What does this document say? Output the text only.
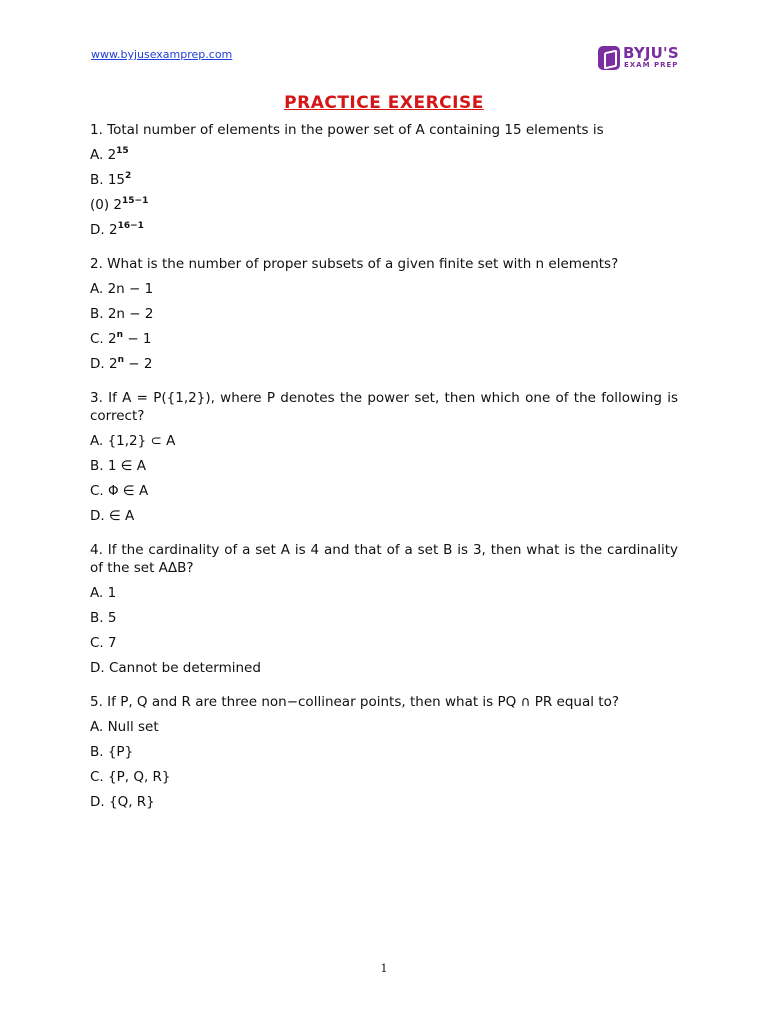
www.byjusexamprep.com	BYJU'S
EXAM PREP
PRACTICE EXERCISE
1. Total number of elements in the power set of A containing 15 elements is
A. $2^{15}$
B. $15^2$
(0) $2^{15-1}$
D. $2^{16-1}$
2. What is the number of proper subsets of a given finite set with n elements?
A. 2n − 1
B. 2n − 2
C. $2^n - 1$
D. $2^n - 2$
3. If A = P({1,2}), where P denotes the power set, then which one of the following is correct?
A. {1,2} ⊂ A
B. 1 ∈ A
C. Φ ∈ A
D. ∈ A
4. If the cardinality of a set A is 4 and that of a set B is 3, then what is the cardinality of the set AΔB?
A. 1
B. 5
C. 7
D. Cannot be determined
5. If P, Q and R are three non−collinear points, then what is PQ ∩ PR equal to?
A. Null set
B. {P}
C. {P, Q, R}
D. {Q, R}
1
